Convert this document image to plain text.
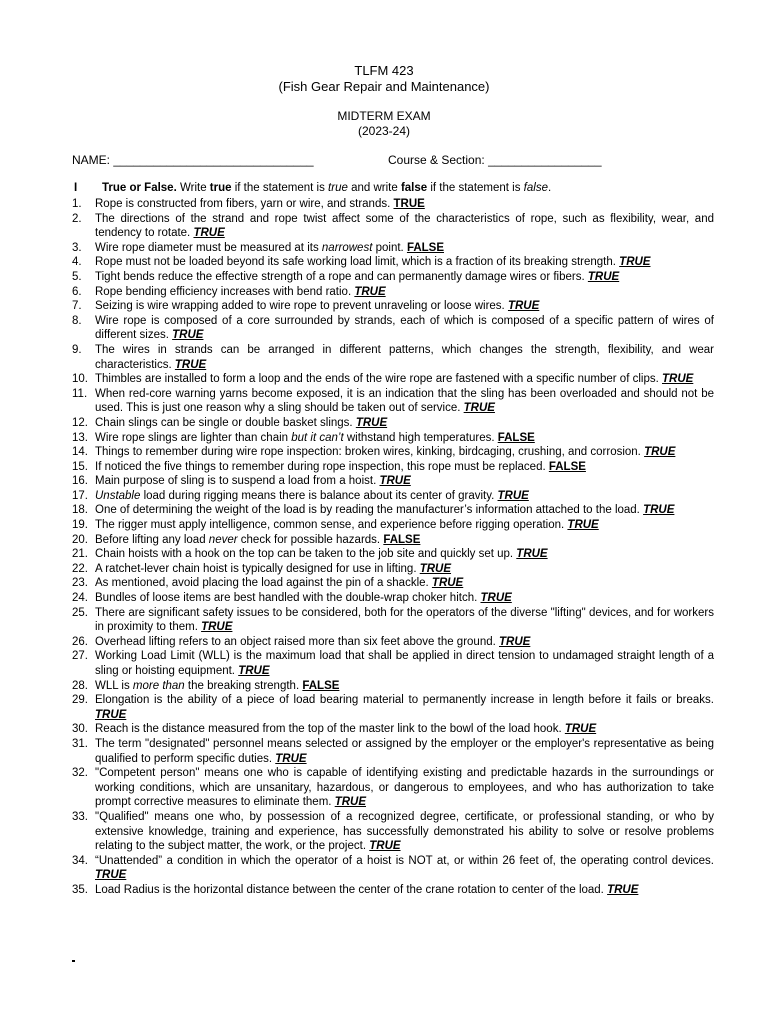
TLFM 423
(Fish Gear Repair and Maintenance)
MIDTERM EXAM
(2023-24)
NAME: ______________________________	Course & Section: _________________
I True or False. Write true if the statement is true and write false if the statement is false.
1.	Rope is constructed from fibers, yarn or wire, and strands. TRUE
2.	The directions of the strand and rope twist affect some of the characteristics of rope, such as flexibility, wear, and tendency to rotate. TRUE
3.	Wire rope diameter must be measured at its narrowest point. FALSE
4.	Rope must not be loaded beyond its safe working load limit, which is a fraction of its breaking strength. TRUE
5.	Tight bends reduce the effective strength of a rope and can permanently damage wires or fibers. TRUE
6.	Rope bending efficiency increases with bend ratio. TRUE
7.	Seizing is wire wrapping added to wire rope to prevent unraveling or loose wires. TRUE
8.	Wire rope is composed of a core surrounded by strands, each of which is composed of a specific pattern of wires of different sizes. TRUE
9.	The wires in strands can be arranged in different patterns, which changes the strength, flexibility, and wear characteristics. TRUE
10. Thimbles are installed to form a loop and the ends of the wire rope are fastened with a specific number of clips. TRUE
11. When red-core warning yarns become exposed, it is an indication that the sling has been overloaded and should not be used. This is just one reason why a sling should be taken out of service. TRUE
12. Chain slings can be single or double basket slings. TRUE
13. Wire rope slings are lighter than chain but it can’t withstand high temperatures. FALSE
14. Things to remember during wire rope inspection: broken wires, kinking, birdcaging, crushing, and corrosion. TRUE
15. If noticed the five things to remember during rope inspection, this rope must be replaced. FALSE
16. Main purpose of sling is to suspend a load from a hoist. TRUE
17. Unstable load during rigging means there is balance about its center of gravity. TRUE
18. One of determining the weight of the load is by reading the manufacturer’s information attached to the load. TRUE
19. The rigger must apply intelligence, common sense, and experience before rigging operation. TRUE
20. Before lifting any load never check for possible hazards. FALSE
21. Chain hoists with a hook on the top can be taken to the job site and quickly set up. TRUE
22. A ratchet-lever chain hoist is typically designed for use in lifting. TRUE
23. As mentioned, avoid placing the load against the pin of a shackle. TRUE
24. Bundles of loose items are best handled with the double-wrap choker hitch. TRUE
25. There are significant safety issues to be considered, both for the operators of the diverse "lifting" devices, and for workers in proximity to them. TRUE
26. Overhead lifting refers to an object raised more than six feet above the ground. TRUE
27. Working Load Limit (WLL) is the maximum load that shall be applied in direct tension to undamaged straight length of a sling or hoisting equipment. TRUE
28. WLL is more than the breaking strength. FALSE
29. Elongation is the ability of a piece of load bearing material to permanently increase in length before it fails or breaks. TRUE
30. Reach is the distance measured from the top of the master link to the bowl of the load hook. TRUE
31. The term "designated" personnel means selected or assigned by the employer or the employer's representative as being qualified to perform specific duties. TRUE
32. "Competent person" means one who is capable of identifying existing and predictable hazards in the surroundings or working conditions, which are unsanitary, hazardous, or dangerous to employees, and who has authorization to take prompt corrective measures to eliminate them. TRUE
33. "Qualified" means one who, by possession of a recognized degree, certificate, or professional standing, or who by extensive knowledge, training and experience, has successfully demonstrated his ability to solve or resolve problems relating to the subject matter, the work, or the project. TRUE
34. “Unattended” a condition in which the operator of a hoist is NOT at, or within 26 feet of, the operating control devices. TRUE
35. Load Radius is the horizontal distance between the center of the crane rotation to center of the load. TRUE
